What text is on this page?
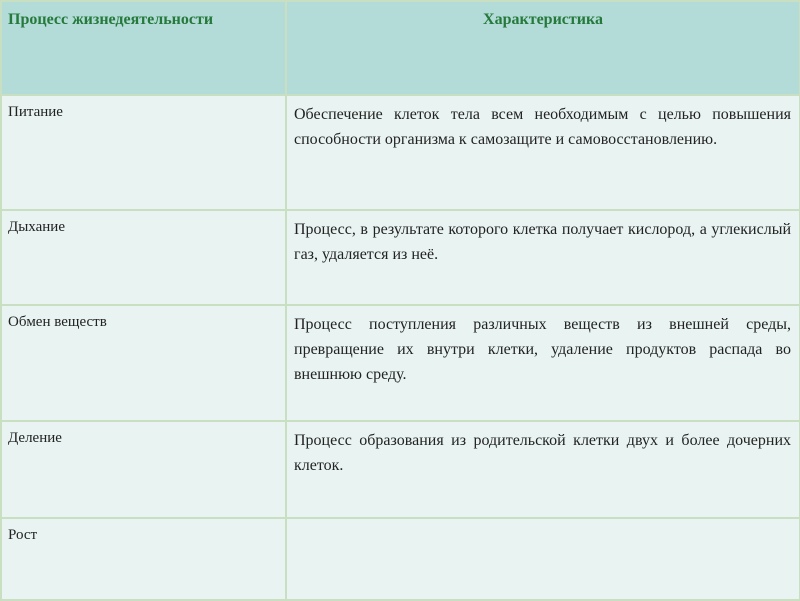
Процесс жизнедеятельности	Характеристика

Питание	Обеспечение клеток тела всем необходимым с целью повышения способности организма к самозащите и самовосстановлению.

Дыхание	Процесс, в результате которого клетка получает кислород, а углекислый газ, удаляется из неё.

Обмен веществ	Процесс поступления различных веществ из внешней среды, превращение их внутри клетки, удаление продуктов распада во внешнюю среду.

Деление	Процесс образования из родительской клетки двух и более дочерних клеток.

Рост	
